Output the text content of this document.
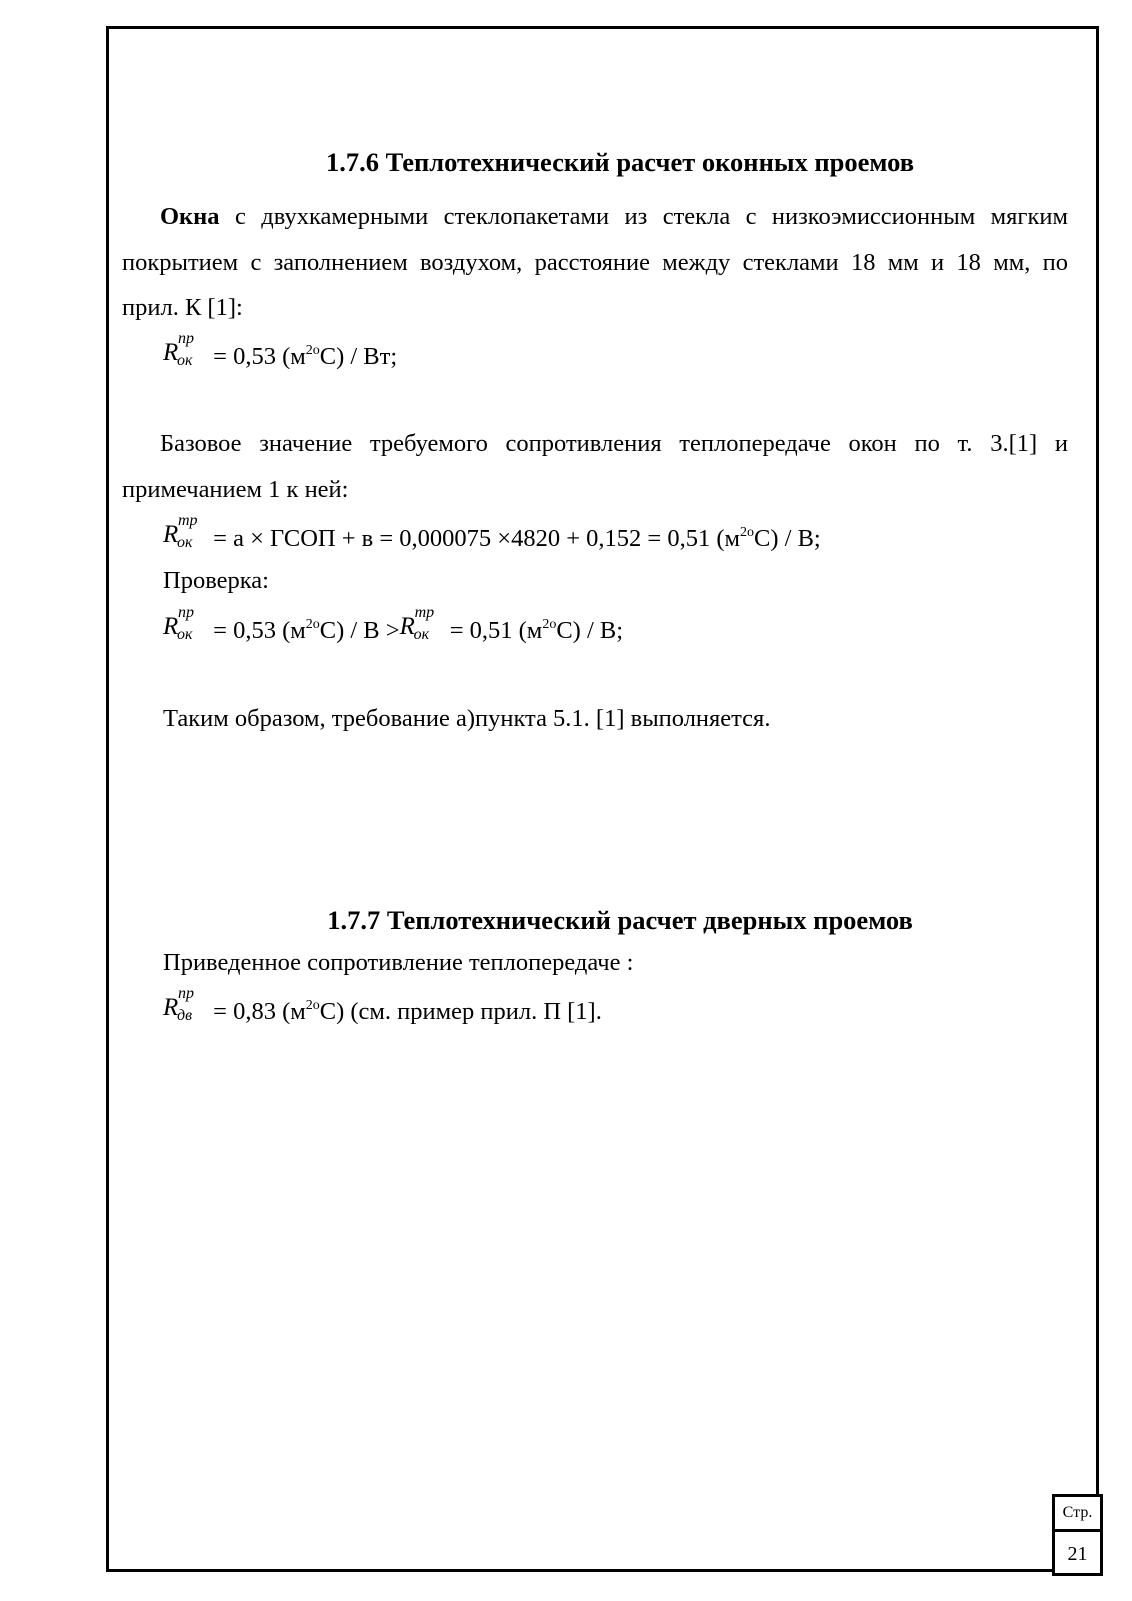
1.7.6 Теплотехнический расчет оконных проемов
Окна с двухкамерными стеклопакетами из стекла с низкоэмиссионным мягким
покрытием с заполнением воздухом, расстояние между стеклами 18 мм и 18 мм, по
прил. К [1]:
R
пр
ок = 0,53 $(м^{2о}С)$ / Вт;
Базовое значение требуемого сопротивления теплопередаче окон по т. 3.[1] и
примечанием 1 к ней:
R
тр
ок = а × ГСОП + в = 0,000075 ×4820 + 0,152 = 0,51 $(м^{2о}С)$ / В;
Проверка:
R
пр
ок = 0,53 $(м^{2о}С) / В > R$
тр
ок = 0,51 $(м^{2о}С)$ / В;
Таким образом, требование а)пункта 5.1. [1] выполняется.
1.7.7 Теплотехнический расчет дверных проемов
Приведенное сопротивление теплопередаче :
R
пр
дв = 0,83 $(м^{2о}С)$ (см. пример прил. П [1].
Стр.
21
